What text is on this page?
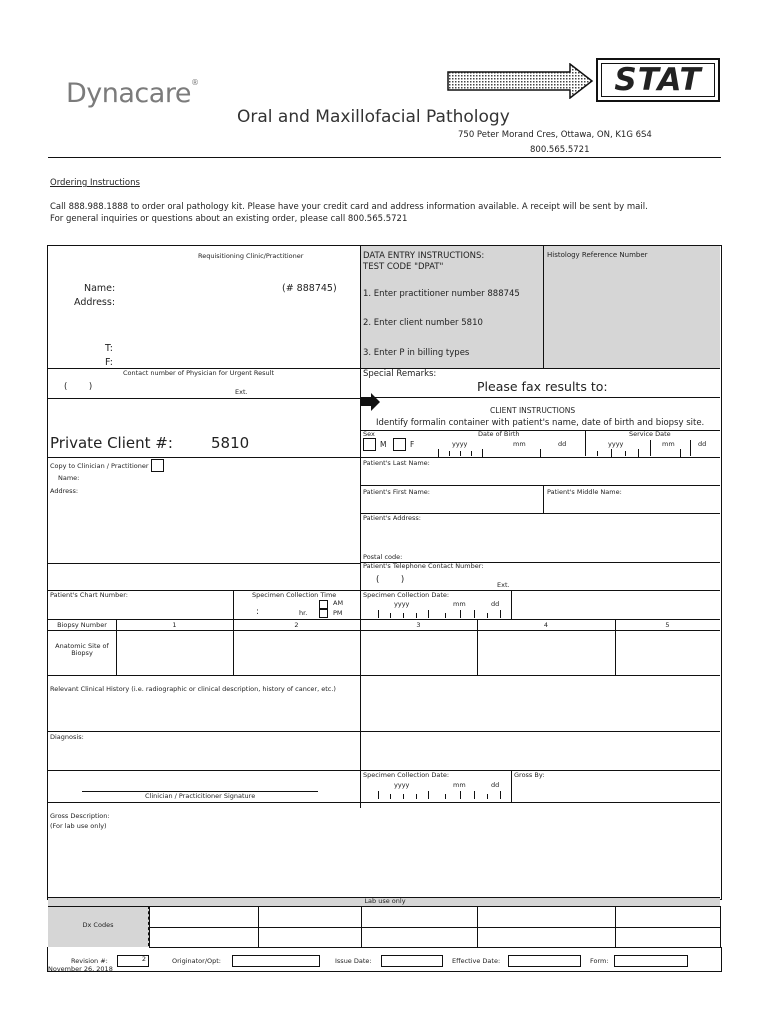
Dynacare®	STAT
Oral and Maxillofacial Pathology
750 Peter Morand Cres, Ottawa, ON, K1G 6S4
800.565.5721
Ordering Instructions
Call 888.988.1888 to order oral pathology kit. Please have your credit card and address information available. A receipt will be sent by mail.
For general inquiries or questions about an existing order, please call 800.565.5721
Requisitioning Clinic/Practitioner
Name:	(# 888745)
Address:
T:
F:
Contact number of Physician for Urgent Result
(        )	Ext.
DATA ENTRY INSTRUCTIONS:
TEST CODE "DPAT"
1. Enter practitioner number 888745
2. Enter client number 5810
3. Enter P in billing types
Histology Reference Number
Special Remarks:
Please fax results to:
CLIENT INSTRUCTIONS
Identify formalin container with patient's name, date of birth and biopsy site.
Sex
M	F
Date of Birth
yyyy	mm	dd
Service Date
yyyy	mm	dd
Private Client #:	5810
Copy to Clinician / Practitioner
Name:
Address:
Patient's Last Name:
Patient's First Name:	Patient's Middle Name:
Patient's Address:
Postal code:
Patient's Telephone Contact Number:
(        )	Ext.
Patient's Chart Number:	Specimen Collection Time
AM
:	hr.	PM
Specimen Collection Date:
yyyy	mm	dd
Biopsy Number	1	2	3	4	5
Anatomic Site of Biopsy
Relevant Clinical History (i.e. radiographic or clinical description, history of cancer, etc.)
Diagnosis:
Clinician / Practicitioner Signature
Specimen Collection Date:
yyyy	mm	dd
Gross By:
Gross Description:
(For lab use only)
Lab use only
Dx Codes
Revision #:	2	Originator/Opt:	Issue Date:	Effective Date:	Form:
November 26, 2018
